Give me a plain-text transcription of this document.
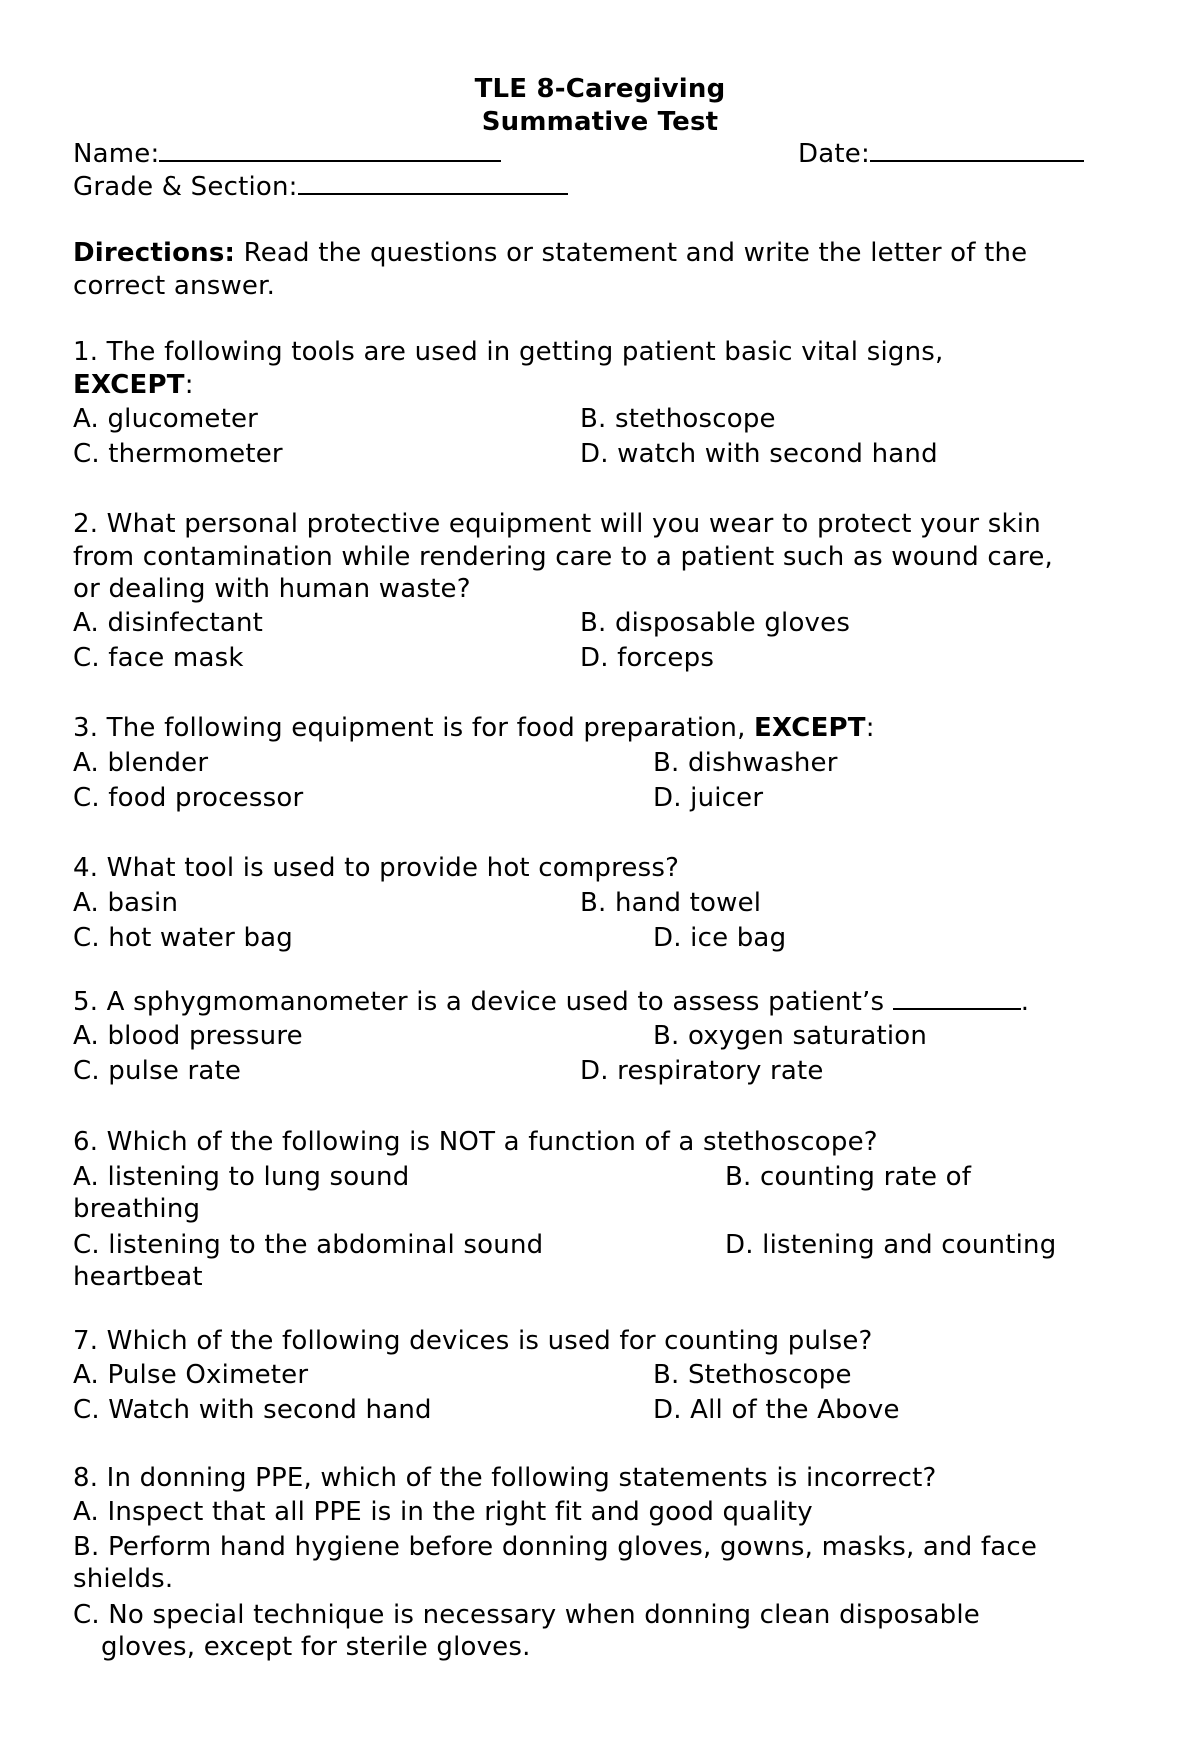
TLE 8-Caregiving
Summative Test
Name:	Date:
Grade & Section:
Directions: Read the questions or statement and write the letter of the
correct answer.
1. The following tools are used in getting patient basic vital signs,
EXCEPT:
A. glucometer	B. stethoscope
C. thermometer	D. watch with second hand
2. What personal protective equipment will you wear to protect your skin
from contamination while rendering care to a patient such as wound care,
or dealing with human waste?
A. disinfectant	B. disposable gloves
C. face mask	D. forceps
3. The following equipment is for food preparation, EXCEPT:
A. blender	B. dishwasher
C. food processor	D. juicer
4. What tool is used to provide hot compress?
A. basin	B. hand towel
C. hot water bag	D. ice bag
5. A sphygmomanometer is a device used to assess patient’s	.
A. blood pressure	B. oxygen saturation
C. pulse rate	D. respiratory rate
6. Which of the following is NOT a function of a stethoscope?
A. listening to lung sound	B. counting rate of
breathing
C. listening to the abdominal sound	D. listening and counting
heartbeat
7. Which of the following devices is used for counting pulse?
A. Pulse Oximeter	B. Stethoscope
C. Watch with second hand	D. All of the Above
8. In donning PPE, which of the following statements is incorrect?
A. Inspect that all PPE is in the right fit and good quality
B. Perform hand hygiene before donning gloves, gowns, masks, and face
shields.
C. No special technique is necessary when donning clean disposable
gloves, except for sterile gloves.
